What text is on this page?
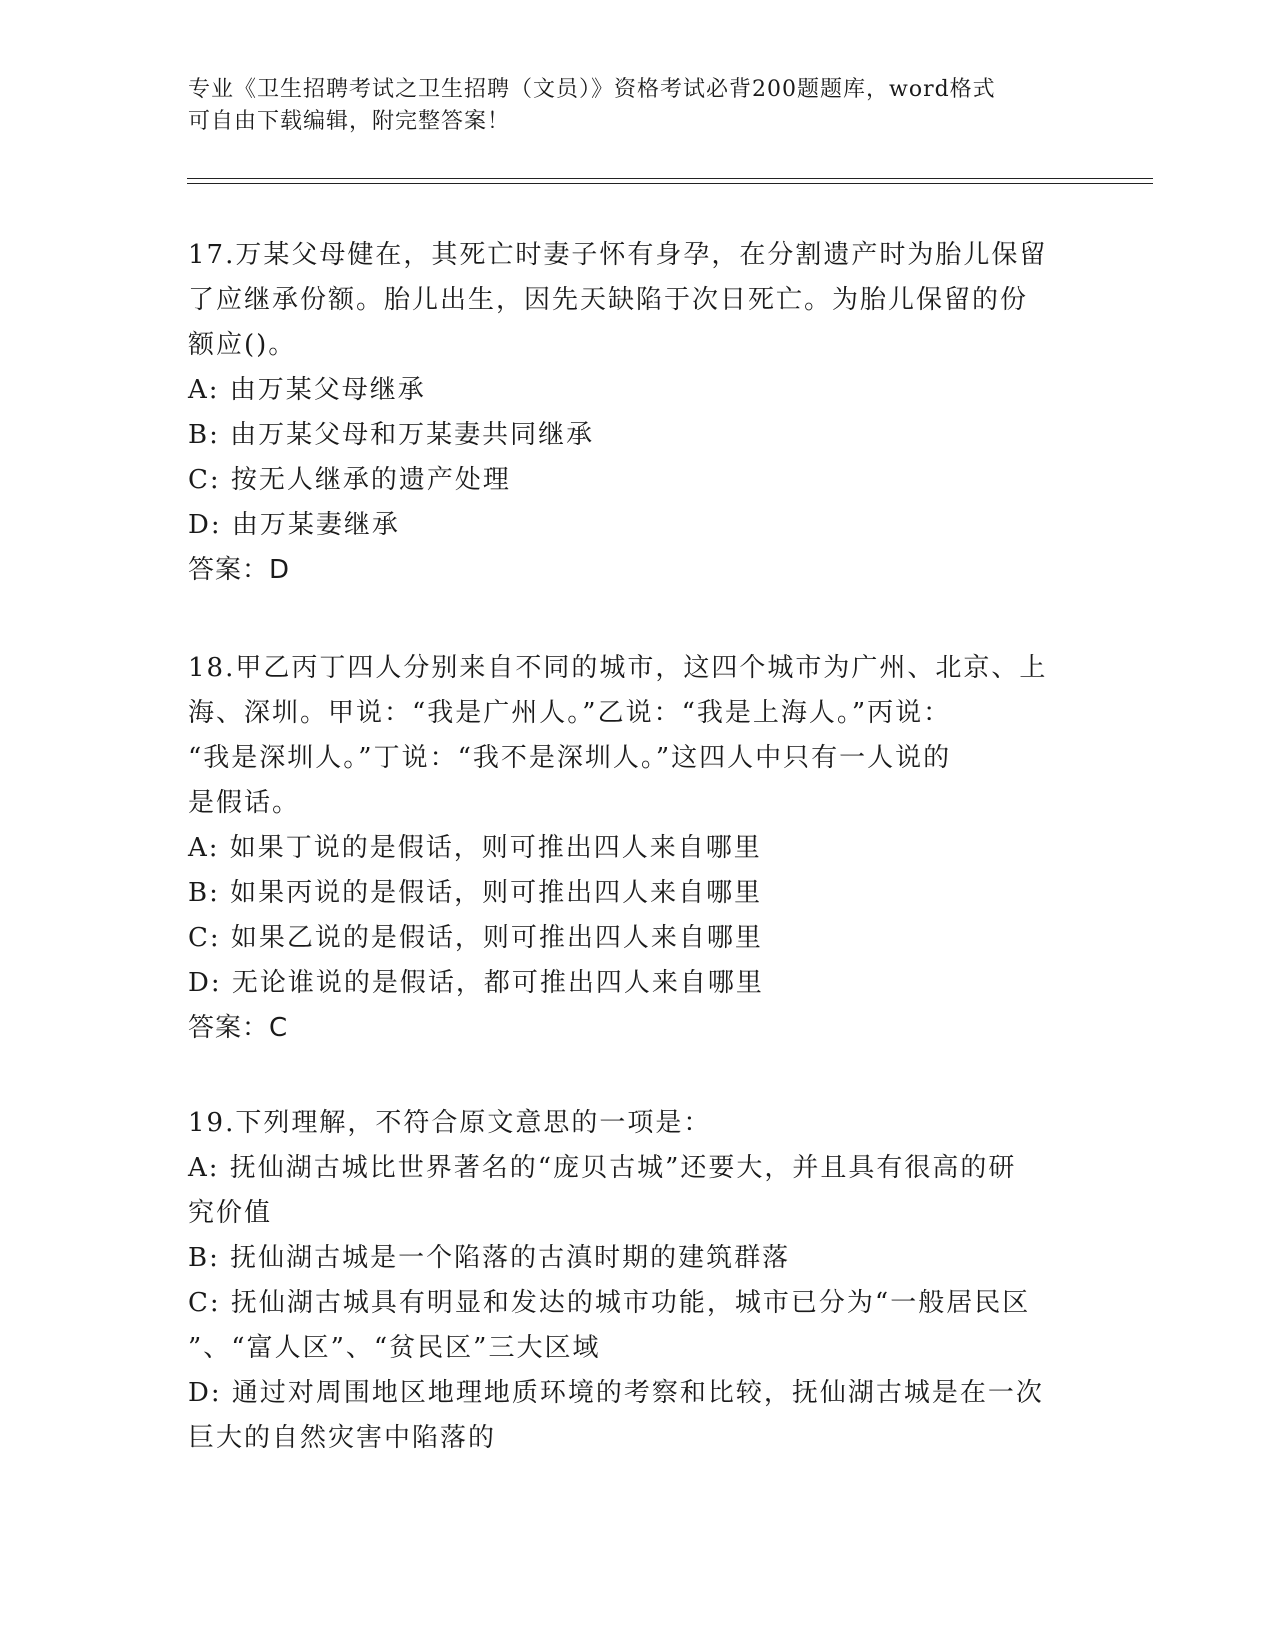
专业《卫生招聘考试之卫生招聘（文员）》资格考试必背200题题库，word格式
可自由下载编辑，附完整答案！
17.万某父母健在，其死亡时妻子怀有身孕，在分割遗产时为胎儿保留
了应继承份额。胎儿出生，因先天缺陷于次日死亡。为胎儿保留的份
额应()。
A: 由万某父母继承
B: 由万某父母和万某妻共同继承
C: 按无人继承的遗产处理
D: 由万某妻继承
答案：D
18.甲乙丙丁四人分别来自不同的城市，这四个城市为广州、北京、上
海、深圳。甲说：“我是广州人。”乙说：“我是上海人。”丙说：
“我是深圳人。”丁说：“我不是深圳人。”这四人中只有一人说的
是假话。
A: 如果丁说的是假话，则可推出四人来自哪里
B: 如果丙说的是假话，则可推出四人来自哪里
C: 如果乙说的是假话，则可推出四人来自哪里
D: 无论谁说的是假话，都可推出四人来自哪里
答案：C
19.下列理解，不符合原文意思的一项是：
A: 抚仙湖古城比世界著名的“庞贝古城”还要大，并且具有很高的研
究价值
B: 抚仙湖古城是一个陷落的古滇时期的建筑群落
C: 抚仙湖古城具有明显和发达的城市功能，城市已分为“一般居民区
”、“富人区”、“贫民区”三大区域
D: 通过对周围地区地理地质环境的考察和比较，抚仙湖古城是在一次
巨大的自然灾害中陷落的
